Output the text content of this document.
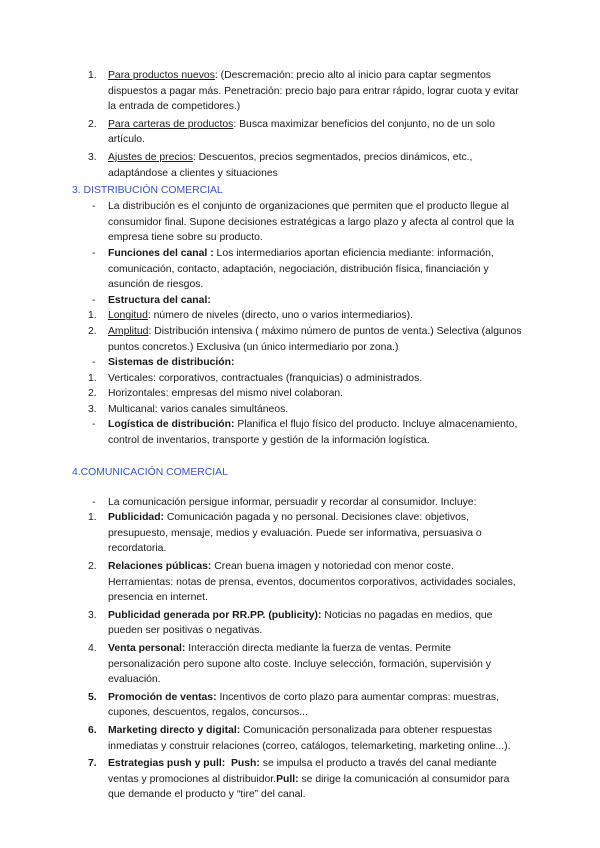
1.	Para productos nuevos: (Descremación: precio alto al inicio para captar segmentos dispuestos a pagar más. Penetración: precio bajo para entrar rápido, lograr cuota y evitar la entrada de competidores.)
2.	Para carteras de productos: Busca maximizar beneficios del conjunto, no de un solo artículo.
3.	Ajustes de precios: Descuentos, precios segmentados, precios dinámicos, etc., adaptándose a clientes y situaciones
3. DISTRIBUCIÓN COMERCIAL
-	La distribución es el conjunto de organizaciones que permiten que el producto llegue al consumidor final. Supone decisiones estratégicas a largo plazo y afecta al control que la empresa tiene sobre su producto.
-	Funciones del canal : Los intermediarios aportan eficiencia mediante: información, comunicación, contacto, adaptación, negociación, distribución física, financiación y asunción de riesgos.
-	Estructura del canal:
1.	Longitud: número de niveles (directo, uno o varios intermediarios).
2.	Amplitud: Distribución intensiva ( máximo número de puntos de venta.) Selectiva (algunos puntos concretos.) Exclusiva (un único intermediario por zona.)
-	Sistemas de distribución:
1.	Verticales: corporativos, contractuales (franquicias) o administrados.
2.	Horizontales: empresas del mismo nivel colaboran.
3.	Multicanal: varios canales simultáneos.
-	Logística de distribución: Planifica el flujo físico del producto. Incluye almacenamiento, control de inventarios, transporte y gestión de la información logística.
4.COMUNICACIÓN COMERCIAL
-	La comunicación persigue informar, persuadir y recordar al consumidor. Incluye:
1.	Publicidad: Comunicación pagada y no personal. Decisiones clave: objetivos, presupuesto, mensaje, medios y evaluación. Puede ser informativa, persuasiva o recordatoria.
2.	Relaciones públicas: Crean buena imagen y notoriedad con menor coste. Herramientas: notas de prensa, eventos, documentos corporativos, actividades sociales, presencia en internet.
3.	Publicidad generada por RR.PP. (publicity): Noticias no pagadas en medios, que pueden ser positivas o negativas.
4.	Venta personal: Interacción directa mediante la fuerza de ventas. Permite personalización pero supone alto coste. Incluye selección, formación, supervisión y evaluación.
5.	Promoción de ventas: Incentivos de corto plazo para aumentar compras: muestras, cupones, descuentos, regalos, concursos...
6.	Marketing directo y digital: Comunicación personalizada para obtener respuestas inmediatas y construir relaciones (correo, catálogos, telemarketing, marketing online...).
7.	Estrategias push y pull:  Push: se impulsa el producto a través del canal mediante ventas y promociones al distribuidor.Pull: se dirige la comunicación al consumidor para que demande el producto y “tire” del canal.
